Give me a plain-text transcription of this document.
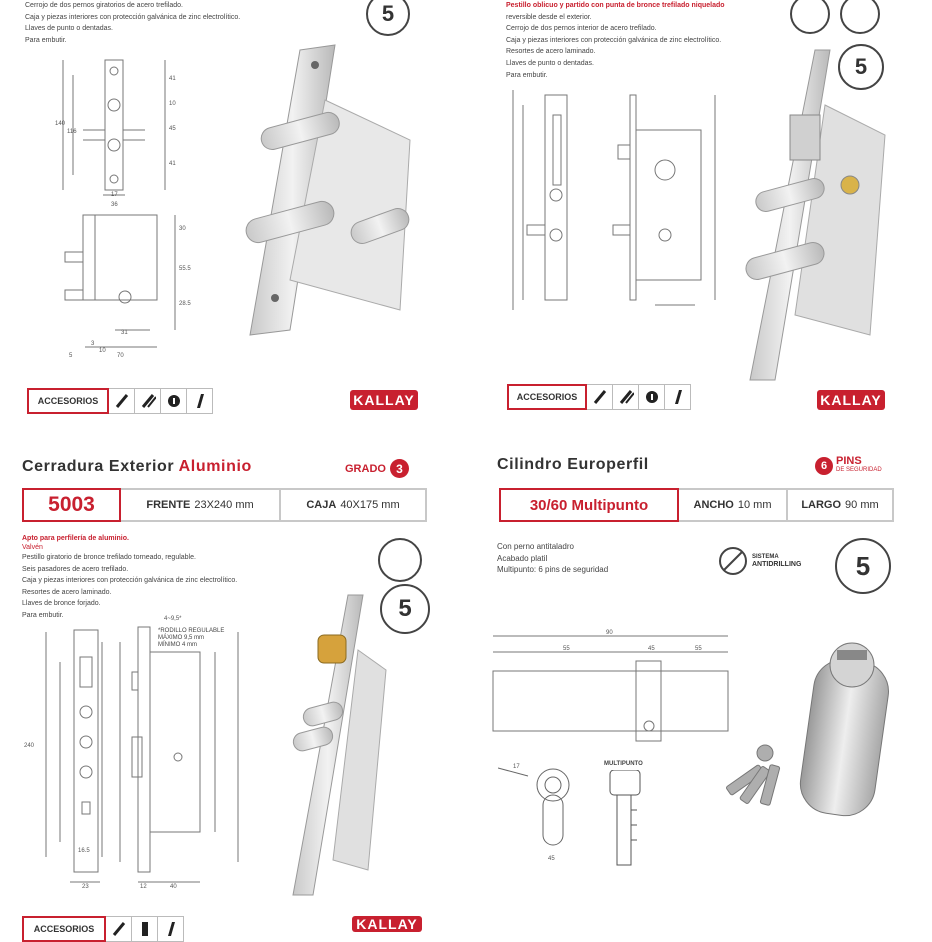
Cerrojo de dos pernos giratorios de acero trefilado.
Caja y piezas interiores con protección galvánica de zinc electrolítico.
Llaves de punto o dentadas.
Para embutir.
5
140
116
17
36
70
31
10
5
3
28.5
55.5
30
41
10
45
41
ACCESORIOS	KALLAY
Pestillo oblicuo y partido con punta de bronce trefilado niquelado
reversible desde el exterior.
Cerrojo de dos pernos interior de acero trefilado.
Caja y piezas interiores con protección galvánica de zinc electrolítico.
Resortes de acero laminado.
Llaves de punto o dentadas.
Para embutir.	5
ACCESORIOS	KALLAY
Cerradura Exterior Aluminio	GRADO 3
5003	FRENTE 23X240 mm	CAJA 40X175 mm
Apto para perfilería de aluminio.
Valvén
Pestillo giratorio de bronce trefilado torneado, regulable.
Seis pasadores de acero trefilado.
Caja y piezas interiores con protección galvánica de zinc electrolítico.
Resortes de acero laminado.
Llaves de bronce forjado.
Para embutir.	5
240
4~9,5*
16.5
23	12	40
*RODILLO REGULABLE
MÁXIMO 9,5 mm
MÍNIMO 4 mm
ACCESORIOS	KALLAY
Cilindro Europerfil	6 PINS
DE SEGURIDAD
30/60 Multipunto	ANCHO 10 mm	LARGO 90 mm
Con perno antitaladro
Acabado platil
Multipunto: 6 pins de seguridad
SISTEMA
ANTIDRILLING 5
90
55	45	55
17
45
MULTIPUNTO
